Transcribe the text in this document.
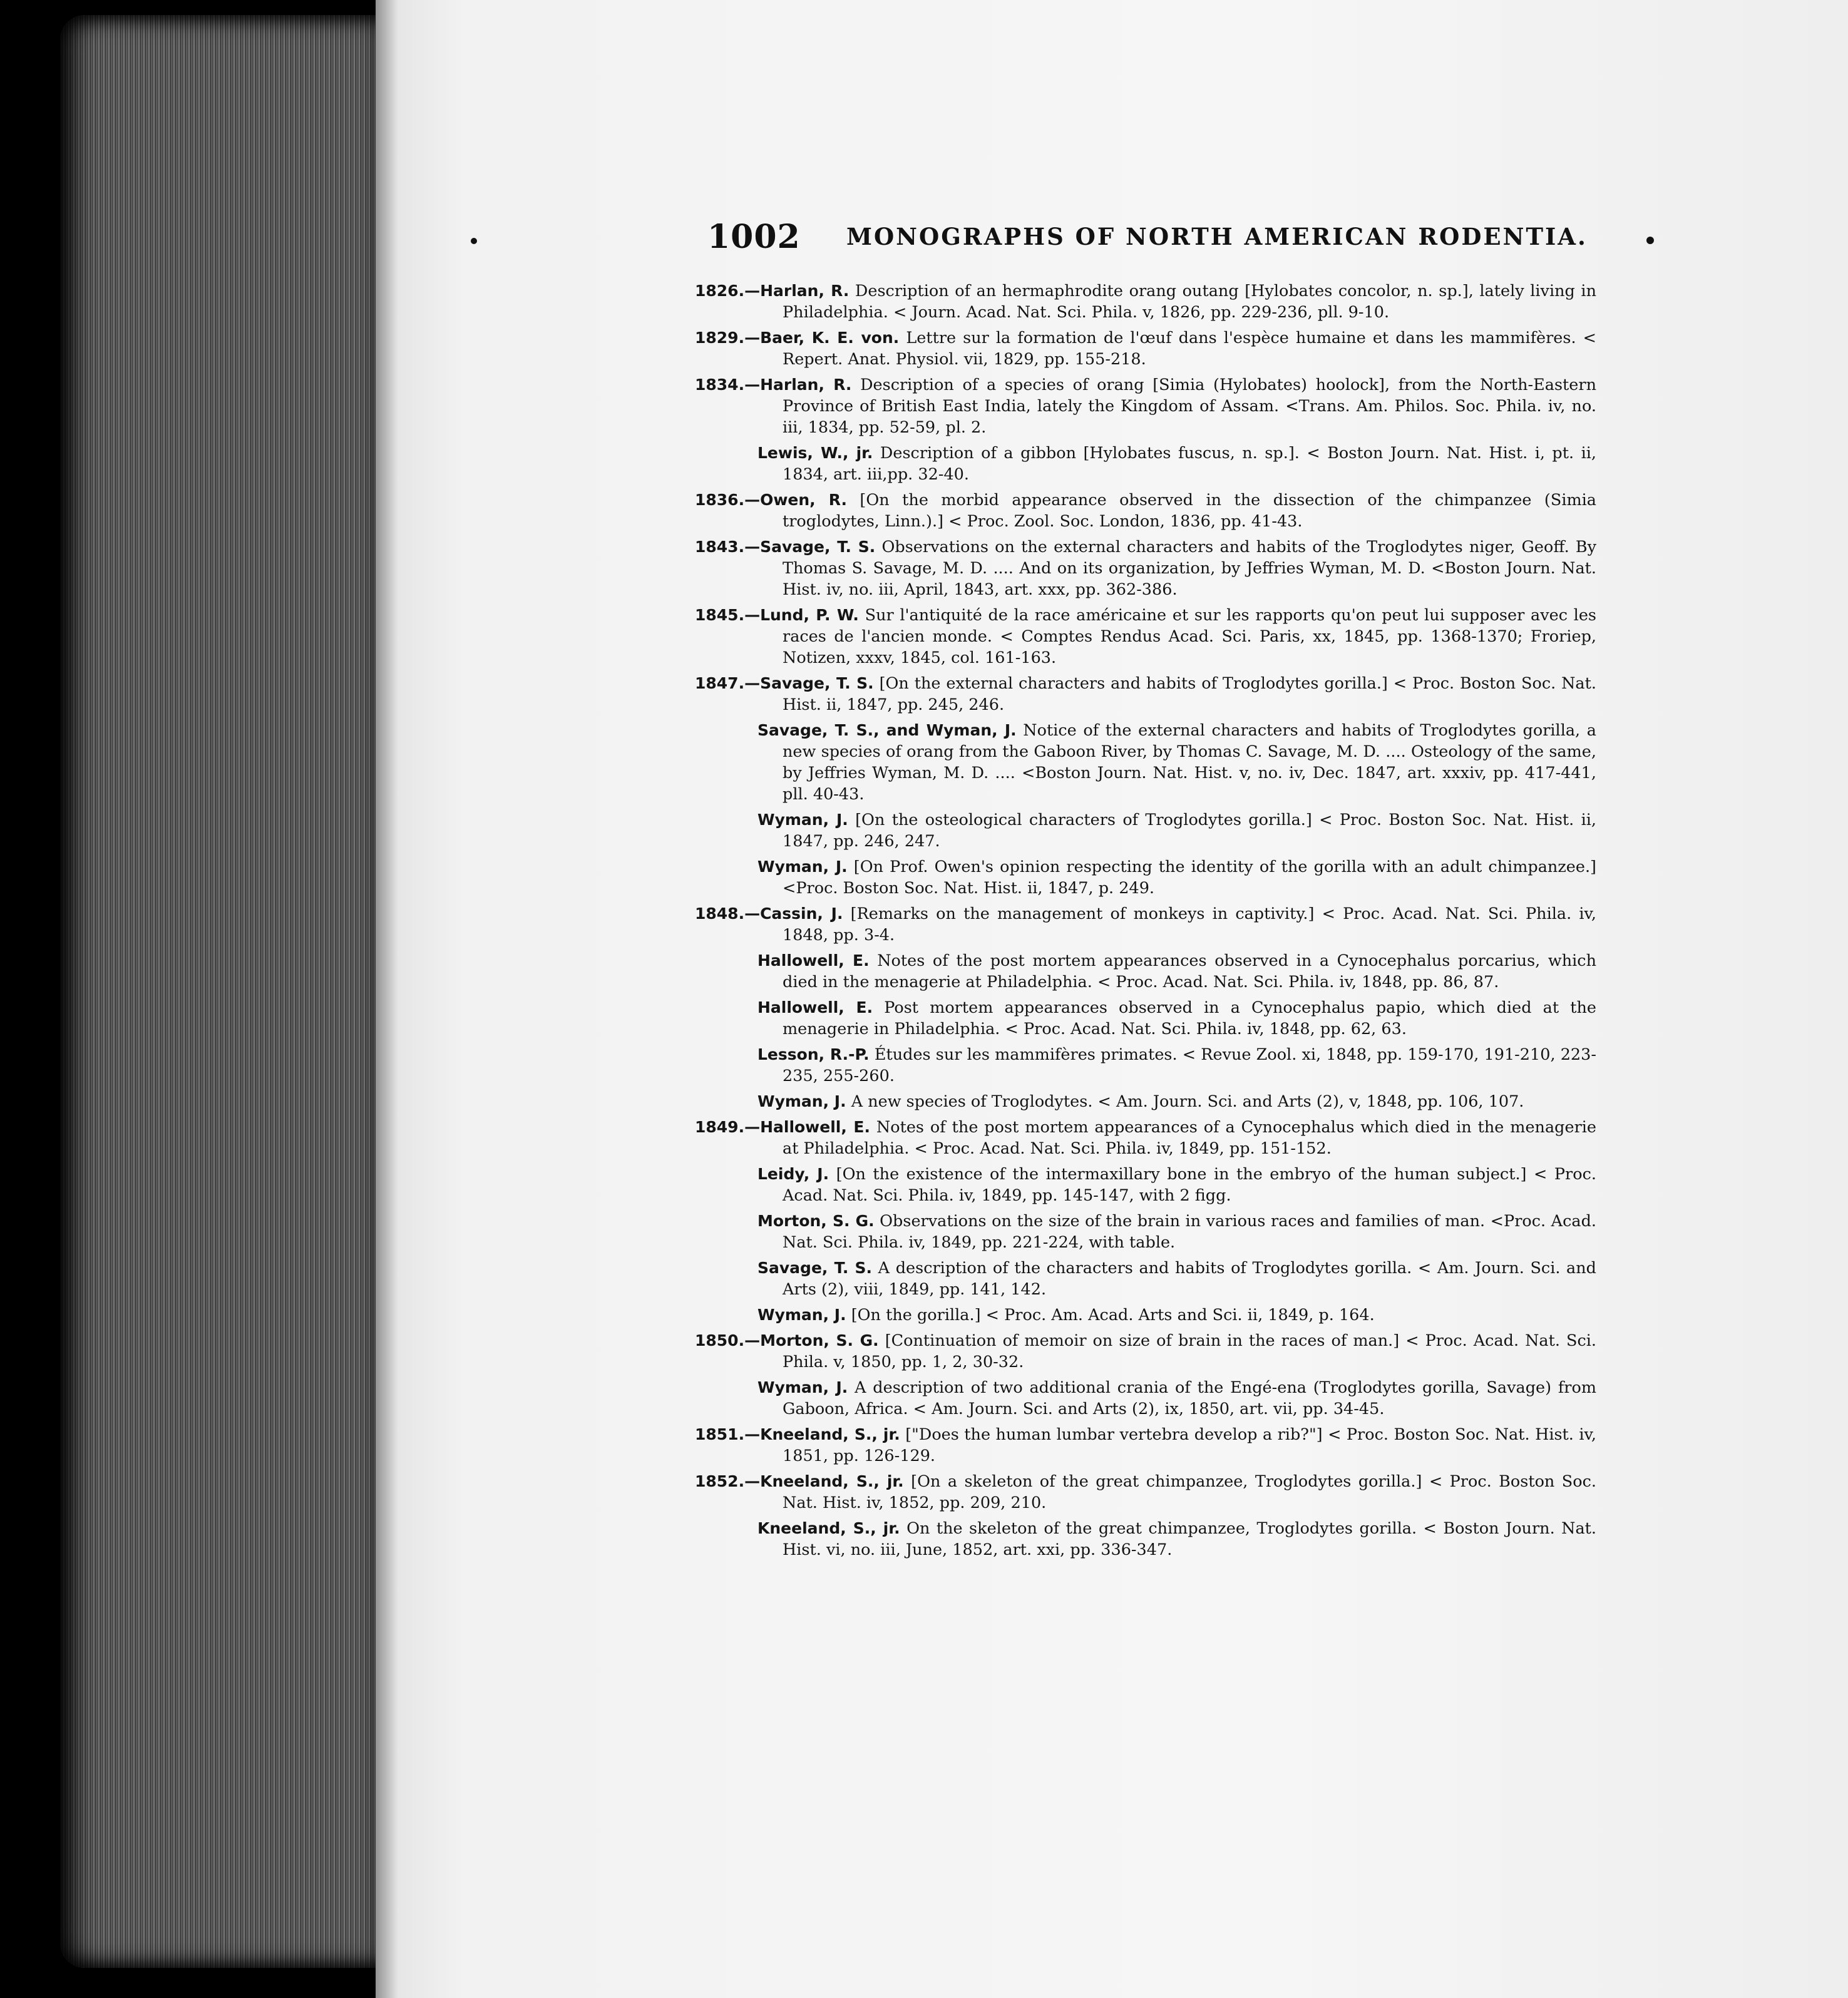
1002 MONOGRAPHS OF NORTH AMERICAN RODENTIA.

1826.—Harlan, R. Description of an hermaphrodite orang outang [Hylobates concolor, n. sp.], lately living in Philadelphia. < Journ. Acad. Nat. Sci. Phila. v, 1826, pp. 229-236, pll. 9-10.

1829.—Baer, K. E. von. Lettre sur la formation de l'œuf dans l'espèce humaine et dans les mammifères. < Repert. Anat. Physiol. vii, 1829, pp. 155-218.

1834.—Harlan, R. Description of a species of orang [Simia (Hylobates) hoolock], from the North-Eastern Province of British East India, lately the Kingdom of Assam. <Trans. Am. Philos. Soc. Phila. iv, no. iii, 1834, pp. 52-59, pl. 2.

Lewis, W., jr. Description of a gibbon [Hylobates fuscus, n. sp.]. < Boston Journ. Nat. Hist. i, pt. ii, 1834, art. iii,pp. 32-40.

1836.—Owen, R. [On the morbid appearance observed in the dissection of the chimpanzee (Simia troglodytes, Linn.).] < Proc. Zool. Soc. London, 1836, pp. 41-43.

1843.—Savage, T. S. Observations on the external characters and habits of the Troglodytes niger, Geoff. By Thomas S. Savage, M. D. .... And on its organization, by Jeffries Wyman, M. D. <Boston Journ. Nat. Hist. iv, no. iii, April, 1843, art. xxx, pp. 362-386.

1845.—Lund, P. W. Sur l'antiquité de la race américaine et sur les rapports qu'on peut lui supposer avec les races de l'ancien monde. < Comptes Rendus Acad. Sci. Paris, xx, 1845, pp. 1368-1370; Froriep, Notizen, xxxv, 1845, col. 161-163.

1847.—Savage, T. S. [On the external characters and habits of Troglodytes gorilla.] < Proc. Boston Soc. Nat. Hist. ii, 1847, pp. 245, 246.

Savage, T. S., and Wyman, J. Notice of the external characters and habits of Troglodytes gorilla, a new species of orang from the Gaboon River, by Thomas C. Savage, M. D. .... Osteology of the same, by Jeffries Wyman, M. D. .... <Boston Journ. Nat. Hist. v, no. iv, Dec. 1847, art. xxxiv, pp. 417-441, pll. 40-43.

Wyman, J. [On the osteological characters of Troglodytes gorilla.] < Proc. Boston Soc. Nat. Hist. ii, 1847, pp. 246, 247.

Wyman, J. [On Prof. Owen's opinion respecting the identity of the gorilla with an adult chimpanzee.] <Proc. Boston Soc. Nat. Hist. ii, 1847, p. 249.

1848.—Cassin, J. [Remarks on the management of monkeys in captivity.] < Proc. Acad. Nat. Sci. Phila. iv, 1848, pp. 3-4.

Hallowell, E. Notes of the post mortem appearances observed in a Cynocephalus porcarius, which died in the menagerie at Philadelphia. < Proc. Acad. Nat. Sci. Phila. iv, 1848, pp. 86, 87.

Hallowell, E. Post mortem appearances observed in a Cynocephalus papio, which died at the menagerie in Philadelphia. < Proc. Acad. Nat. Sci. Phila. iv, 1848, pp. 62, 63.

Lesson, R.-P. Études sur les mammifères primates. < Revue Zool. xi, 1848, pp. 159-170, 191-210, 223-235, 255-260.

Wyman, J. A new species of Troglodytes. < Am. Journ. Sci. and Arts (2), v, 1848, pp. 106, 107.

1849.—Hallowell, E. Notes of the post mortem appearances of a Cynocephalus which died in the menagerie at Philadelphia. < Proc. Acad. Nat. Sci. Phila. iv, 1849, pp. 151-152.

Leidy, J. [On the existence of the intermaxillary bone in the embryo of the human subject.] < Proc. Acad. Nat. Sci. Phila. iv, 1849, pp. 145-147, with 2 figg.

Morton, S. G. Observations on the size of the brain in various races and families of man. <Proc. Acad. Nat. Sci. Phila. iv, 1849, pp. 221-224, with table.

Savage, T. S. A description of the characters and habits of Troglodytes gorilla. < Am. Journ. Sci. and Arts (2), viii, 1849, pp. 141, 142.

Wyman, J. [On the gorilla.] < Proc. Am. Acad. Arts and Sci. ii, 1849, p. 164.

1850.—Morton, S. G. [Continuation of memoir on size of brain in the races of man.] < Proc. Acad. Nat. Sci. Phila. v, 1850, pp. 1, 2, 30-32.

Wyman, J. A description of two additional crania of the Engé-ena (Troglodytes gorilla, Savage) from Gaboon, Africa. < Am. Journ. Sci. and Arts (2), ix, 1850, art. vii, pp. 34-45.

1851.—Kneeland, S., jr. ["Does the human lumbar vertebra develop a rib?"] < Proc. Boston Soc. Nat. Hist. iv, 1851, pp. 126-129.

1852.—Kneeland, S., jr. [On a skeleton of the great chimpanzee, Troglodytes gorilla.] < Proc. Boston Soc. Nat. Hist. iv, 1852, pp. 209, 210.

Kneeland, S., jr. On the skeleton of the great chimpanzee, Troglodytes gorilla. < Boston Journ. Nat. Hist. vi, no. iii, June, 1852, art. xxi, pp. 336-347.
